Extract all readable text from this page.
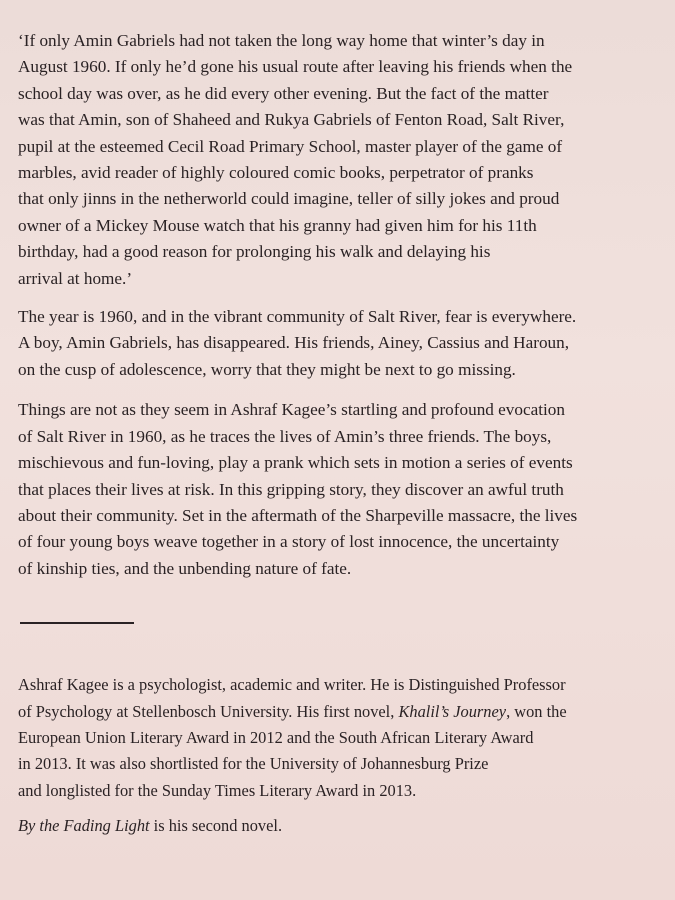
‘If only Amin Gabriels had not taken the long way home that winter’s day in

August 1960. If only he’d gone his usual route after leaving his friends when the

school day was over, as he did every other evening. But the fact of the matter

was that Amin, son of Shaheed and Rukya Gabriels of Fenton Road, Salt River,

pupil at the esteemed Cecil Road Primary School, master player of the game of

marbles, avid reader of highly coloured comic books, perpetrator of pranks

that only jinns in the netherworld could imagine, teller of silly jokes and proud

owner of a Mickey Mouse watch that his granny had given him for his 11th

birthday, had a good reason for prolonging his walk and delaying his

arrival at home.’

The year is 1960, and in the vibrant community of Salt River, fear is everywhere.

A boy, Amin Gabriels, has disappeared. His friends, Ainey, Cassius and Haroun,

on the cusp of adolescence, worry that they might be next to go missing.

Things are not as they seem in Ashraf Kagee’s startling and profound evocation

of Salt River in 1960, as he traces the lives of Amin’s three friends. The boys,

mischievous and fun-loving, play a prank which sets in motion a series of events

that places their lives at risk. In this gripping story, they discover an awful truth

about their community. Set in the aftermath of the Sharpeville massacre, the lives

of four young boys weave together in a story of lost innocence, the uncertainty

of kinship ties, and the unbending nature of fate.

Ashraf Kagee is a psychologist, academic and writer. He is Distinguished Professor

of Psychology at Stellenbosch University. His first novel, Khalil’s Journey, won the

European Union Literary Award in 2012 and the South African Literary Award

in 2013. It was also shortlisted for the University of Johannesburg Prize

and longlisted for the Sunday Times Literary Award in 2013.

By the Fading Light is his second novel.
